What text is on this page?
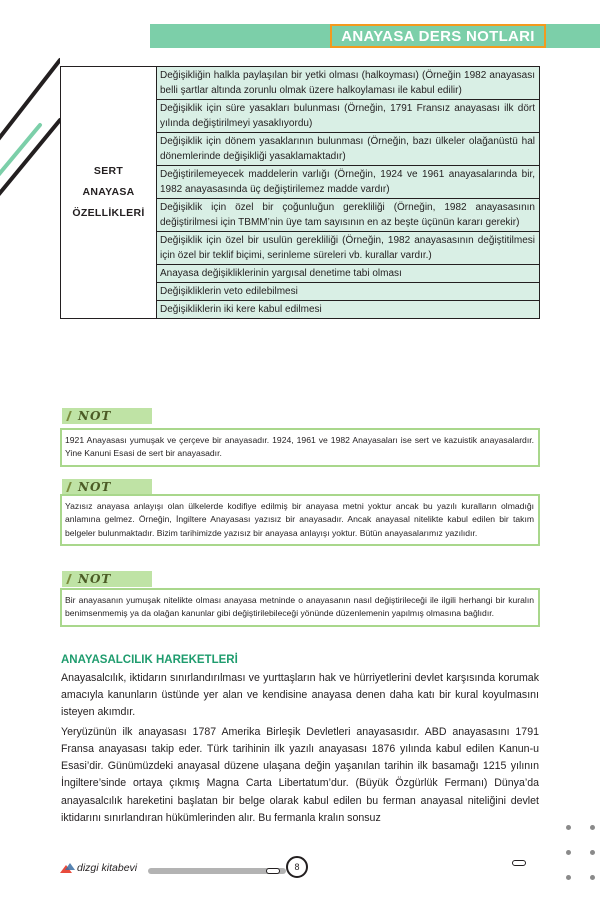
ANAYASA DERS NOTLARI
SERT
ANAYASA
ÖZELLİKLERİ
	Değişikliğin halkla paylaşılan bir yetki olması (halkoyması) (Örneğin 1982 anayasası belli şartlar altında zorunlu olmak üzere halkoylaması ile kabul edilir)
Değişiklik için süre yasakları bulunması (Örneğin, 1791 Fransız anayasası ilk dört yılında değiştirilmeyi yasaklıyordu)
Değişiklik için dönem yasaklarının bulunması (Örneğin, bazı ülkeler olağanüstü hal dönemlerinde değişikliği yasaklamaktadır)
Değiştirilemeyecek maddelerin varlığı (Örneğin, 1924 ve 1961 anayasalarında bir, 1982 anayasasında üç değiştirilemez madde vardır)
Değişiklik için özel bir çoğunluğun gerekliliği (Örneğin, 1982 anayasasının değiştirilmesi için TBMM’nin üye tam sayısının en az beşte üçünün kararı gerekir)
Değişiklik için özel bir usulün gerekliliği (Örneğin, 1982 anayasasının değiştitilmesi için özel bir teklif biçimi, serinleme süreleri vb. kurallar vardır.)
Anayasa değişikliklerinin yargısal denetime tabi olması
Değişikliklerin veto edilebilmesi
Değişikliklerin iki kere kabul edilmesi
NOT
1921 Anayasası yumuşak ve çerçeve bir anayasadır. 1924, 1961 ve 1982 Anayasaları ise sert ve kazuistik anayasalardır. Yine Kanuni Esasi de sert bir anayasadır.
NOT
Yazısız anayasa anlayışı olan ülkelerde kodifiye edilmiş bir anayasa metni yoktur ancak bu yazılı kuralların olmadığı anlamına gelmez. Örneğin, İngiltere Anayasası yazısız bir anayasadır. Ancak anayasal nitelikte kabul edilen bir takım belgeler bulunmaktadır. Bizim tarihimizde yazısız bir anayasa anlayışı yoktur. Bütün anayasalarımız yazılıdır.
NOT
Bir anayasanın yumuşak nitelikte olması anayasa metninde o anayasanın nasıl değiştirileceği ile ilgili herhangi bir kuralın benimsenmemiş ya da olağan kanunlar gibi değiştirilebileceği yönünde düzenlemenin yapılmış olmasına bağlıdır.
ANAYASALCILIK HAREKETLERİ
Anayasalcılık, iktidarın sınırlandırılması ve yurttaşların hak ve hürriyetlerini devlet karşısında korumak amacıyla kanunların üstünde yer alan ve kendisine anayasa denen daha katı bir kural koyulmasını isteyen akımdır.
Yeryüzünün ilk anayasası 1787 Amerika Birleşik Devletleri anayasasıdır. ABD anayasasını 1791 Fransa anayasası takip eder. Türk tarihinin ilk yazılı anayasası 1876 yılında kabul edilen Kanun-u Esasi’dir. Günümüzdeki anayasal düzene ulaşana değin yaşanılan tarihin ilk basamağı 1215 yılının İngiltere’sinde ortaya çıkmış Magna Carta Libertatum’dur. (Büyük Özgürlük Fermanı) Dünya’da anayasalcılık hareketini başlatan bir belge olarak kabul edilen bu ferman anayasal niteliğini devlet iktidarını sınırlandıran hükümlerinden alır. Bu fermanla kralın sonsuz
dizgi kitabevi	8
